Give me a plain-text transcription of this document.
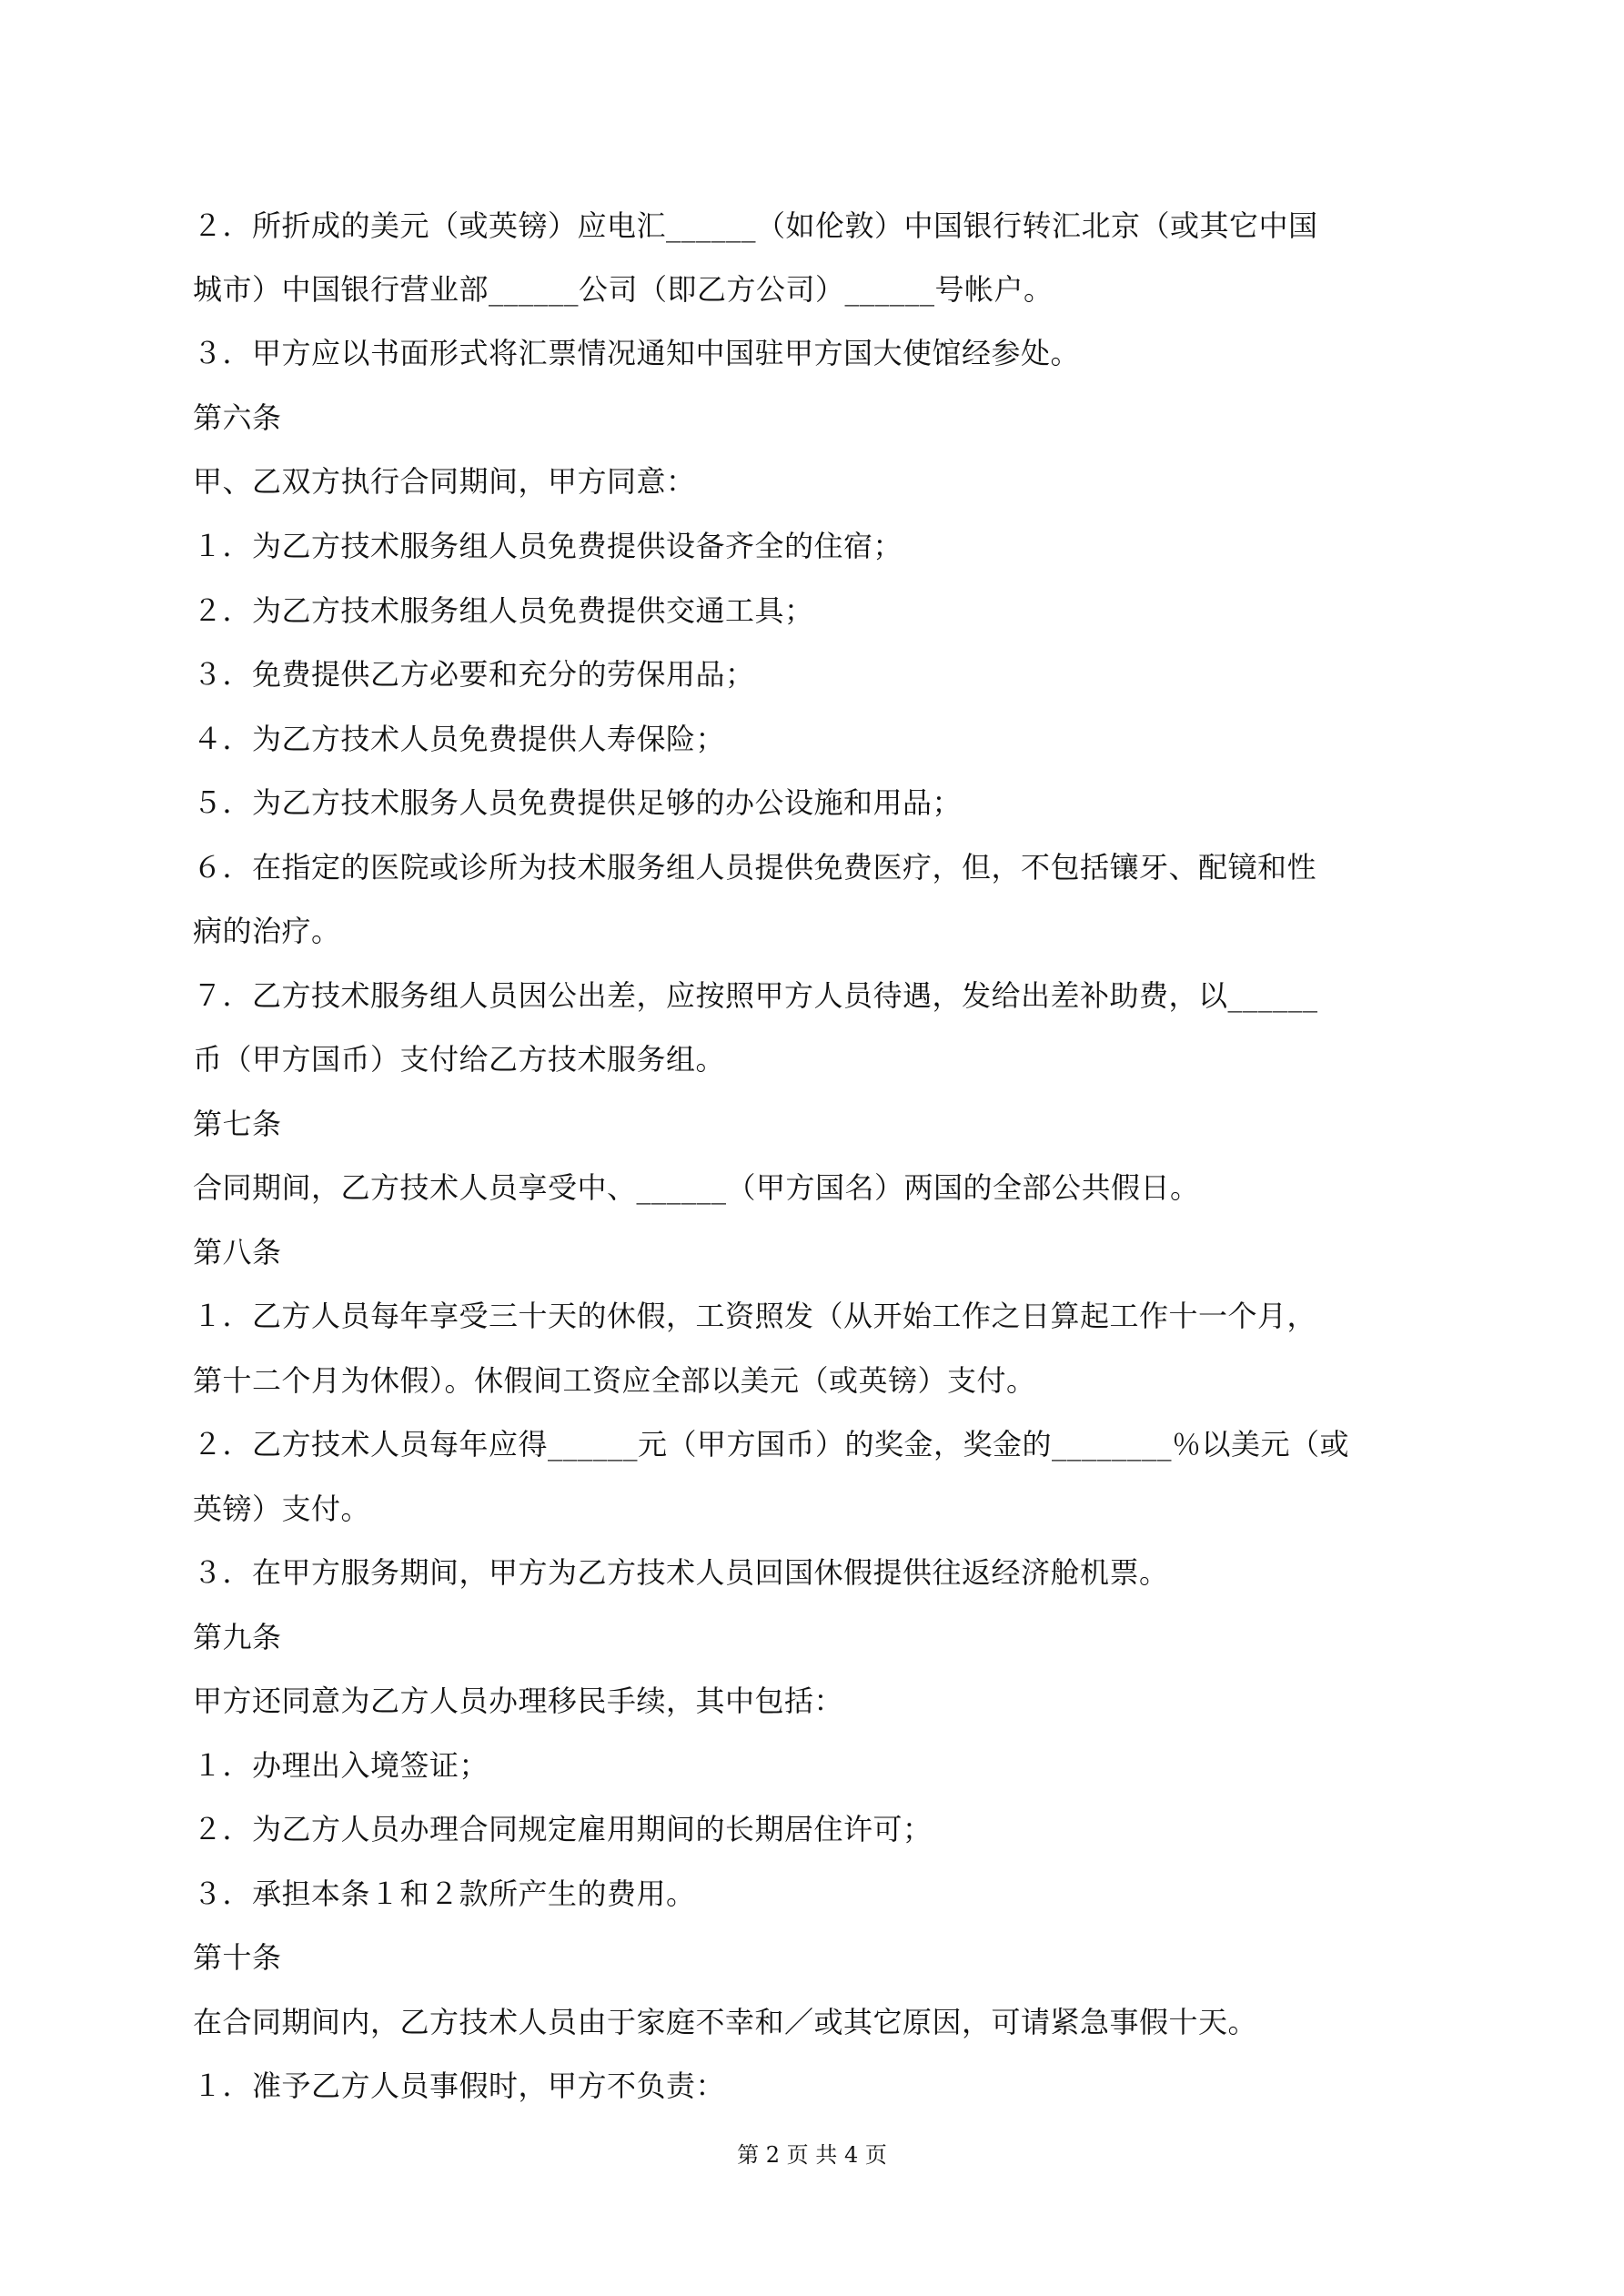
２．所折成的美元（或英镑）应电汇______（如伦敦）中国银行转汇北京（或其它中国
城市）中国银行营业部______公司（即乙方公司）______号帐户。
３．甲方应以书面形式将汇票情况通知中国驻甲方国大使馆经参处。
第六条
甲、乙双方执行合同期间，甲方同意：
１．为乙方技术服务组人员免费提供设备齐全的住宿；
２．为乙方技术服务组人员免费提供交通工具；
３．免费提供乙方必要和充分的劳保用品；
４．为乙方技术人员免费提供人寿保险；
５．为乙方技术服务人员免费提供足够的办公设施和用品；
６．在指定的医院或诊所为技术服务组人员提供免费医疗，但，不包括镶牙、配镜和性
病的治疗。
７．乙方技术服务组人员因公出差，应按照甲方人员待遇，发给出差补助费，以______
币（甲方国币）支付给乙方技术服务组。
第七条
合同期间，乙方技术人员享受中、______（甲方国名）两国的全部公共假日。
第八条
１．乙方人员每年享受三十天的休假，工资照发（从开始工作之日算起工作十一个月，
第十二个月为休假）。休假间工资应全部以美元（或英镑）支付。
２．乙方技术人员每年应得______元（甲方国币）的奖金，奖金的________％以美元（或
英镑）支付。
３．在甲方服务期间，甲方为乙方技术人员回国休假提供往返经济舱机票。
第九条
甲方还同意为乙方人员办理移民手续，其中包括：
１．办理出入境签证；
２．为乙方人员办理合同规定雇用期间的长期居住许可；
３．承担本条１和２款所产生的费用。
第十条
在合同期间内，乙方技术人员由于家庭不幸和／或其它原因，可请紧急事假十天。
１．准予乙方人员事假时，甲方不负责：
第 2 页 共 4 页
